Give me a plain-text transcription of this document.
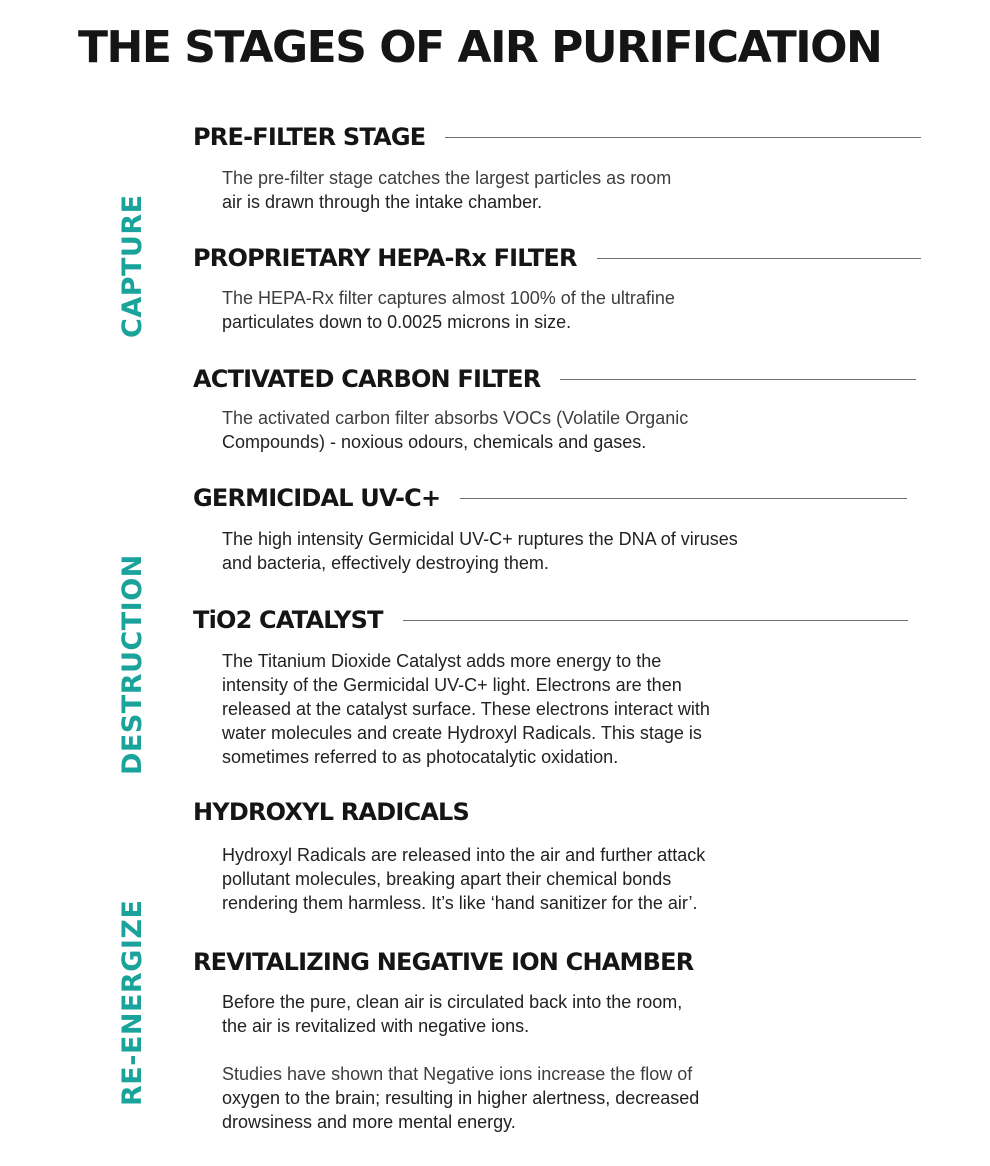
THE STAGES OF AIR PURIFICATION
CAPTURE
DESTRUCTION
RE-ENERGIZE
PRE-FILTER STAGE
The pre-filter stage catches the largest particles as room
air is drawn through the intake chamber.
PROPRIETARY HEPA-Rx FILTER
The HEPA-Rx filter captures almost 100% of the ultrafine
particulates down to 0.0025 microns in size.
ACTIVATED CARBON FILTER
The activated carbon filter absorbs VOCs (Volatile Organic
Compounds) - noxious odours, chemicals and gases.
GERMICIDAL UV-C+
The high intensity Germicidal UV-C+ ruptures the DNA of viruses
and bacteria, effectively destroying them.
TiO2 CATALYST
The Titanium Dioxide Catalyst adds more energy to the
intensity of the Germicidal UV-C+ light. Electrons are then
released at the catalyst surface. These electrons interact with
water molecules and create Hydroxyl Radicals. This stage is
sometimes referred to as photocatalytic oxidation.
HYDROXYL RADICALS
Hydroxyl Radicals are released into the air and further attack
pollutant molecules, breaking apart their chemical bonds
rendering them harmless. It’s like ‘hand sanitizer for the air’.
REVITALIZING NEGATIVE ION CHAMBER
Before the pure, clean air is circulated back into the room,
the air is revitalized with negative ions.
Studies have shown that Negative ions increase the flow of
oxygen to the brain; resulting in higher alertness, decreased
drowsiness and more mental energy.
